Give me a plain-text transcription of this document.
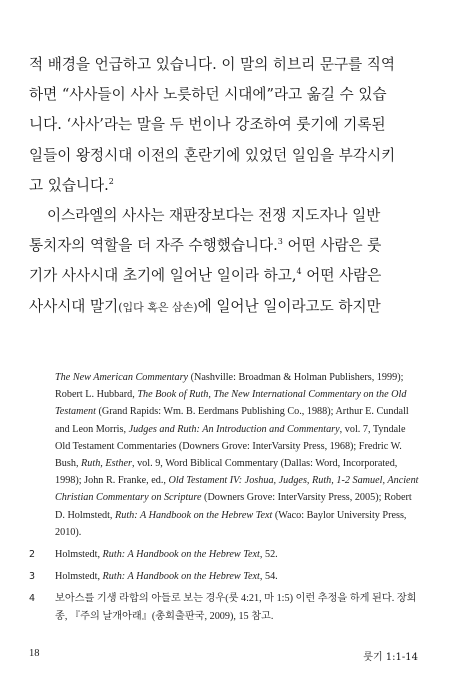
적 배경을 언급하고 있습니다. 이 말의 히브리 문구를 직역

하면 “사사들이 사사 노릇하던 시대에”라고 옮길 수 있습

니다. ‘사사’라는 말을 두 번이나 강조하여 룻기에 기록된

일들이 왕정시대 이전의 혼란기에 있었던 일임을 부각시키

고 있습니다.$^2$

이스라엘의 사사는 재판장보다는 전쟁 지도자나 일반

통치자의 역할을 더 자주 수행했습니다.$^3$ 어떤 사람은 룻

기가 사사시대 초기에 일어난 일이라 하고,$^4$ 어떤 사람은

사사시대 말기(입다 혹은 삼손)에 일어난 일이라고도 하지만

The New American Commentary (Nashville: Broadman & Holman Publishers, 1999); Robert L. Hubbard, The Book of Ruth, The New International Commentary on the Old Testament (Grand Rapids: Wm. B. Eerdmans Publishing Co., 1988); Arthur E. Cundall and Leon Morris, Judges and Ruth: An Introduction and Commentary, vol. 7, Tyndale Old Testament Commentaries (Downers Grove: InterVarsity Press, 1968); Fredric W. Bush, Ruth, Esther, vol. 9, Word Biblical Commentary (Dallas: Word, Incorporated, 1998); John R. Franke, ed., Old Testament IV: Joshua, Judges, Ruth, 1-2 Samuel, Ancient Christian Commentary on Scripture (Downers Grove: InterVarsity Press, 2005); Robert D. Holmstedt, Ruth: A Handbook on the Hebrew Text (Waco: Baylor University Press, 2010).
2	Holmstedt, Ruth: A Handbook on the Hebrew Text, 52.
3	Holmstedt, Ruth: A Handbook on the Hebrew Text, 54.
4	보아스를 기생 라합의 아들로 보는 경우(룻 4:21, 마 1:5) 이런 추정을 하게 된다. 장희종, 『주의 날개아래』(총회출판국, 2009), 15 참고.
18	룻기 1:1-14
